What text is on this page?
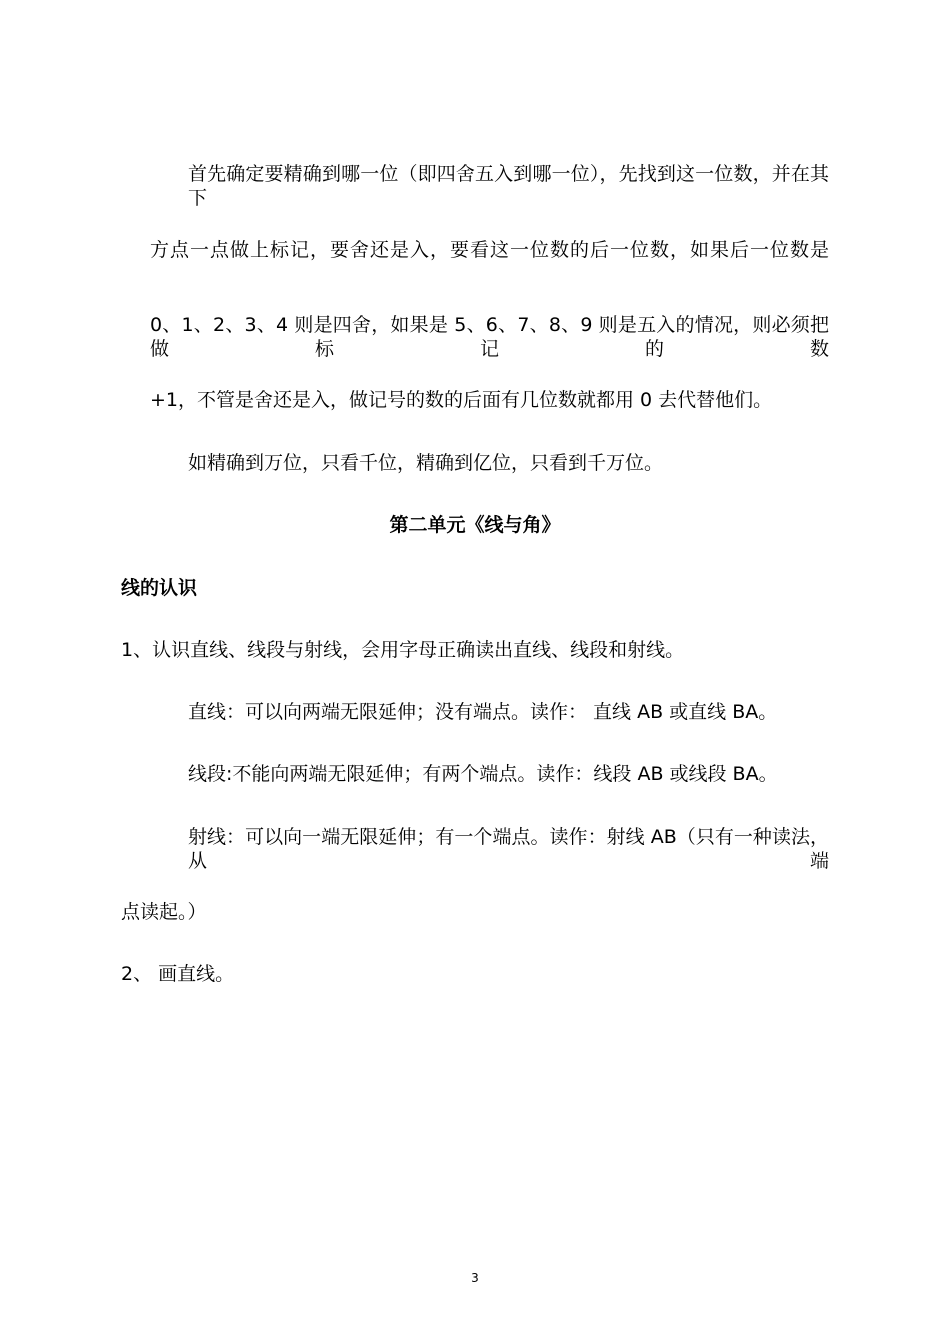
首先确定要精确到哪一位（即四舍五入到哪一位），先找到这一位数，并在其下
方点一点做上标记，要舍还是入，要看这一位数的后一位数，如果后一位数是
0、1、2、3、4 则是四舍，如果是 5、6、7、8、9 则是五入的情况，则必须把做标记的数
+1，不管是舍还是入，做记号的数的后面有几位数就都用 0 去代替他们。
如精确到万位，只看千位，精确到亿位，只看到千万位。
第二单元《线与角》
线的认识
1、认识直线、线段与射线，会用字母正确读出直线、线段和射线。
直线：可以向两端无限延伸；没有端点。读作： 直线 AB 或直线 BA。
线段:不能向两端无限延伸；有两个端点。读作：线段 AB 或线段 BA。
射线：可以向一端无限延伸；有一个端点。读作：射线 AB（只有一种读法，从端
点读起。）
2、 画直线。
3
